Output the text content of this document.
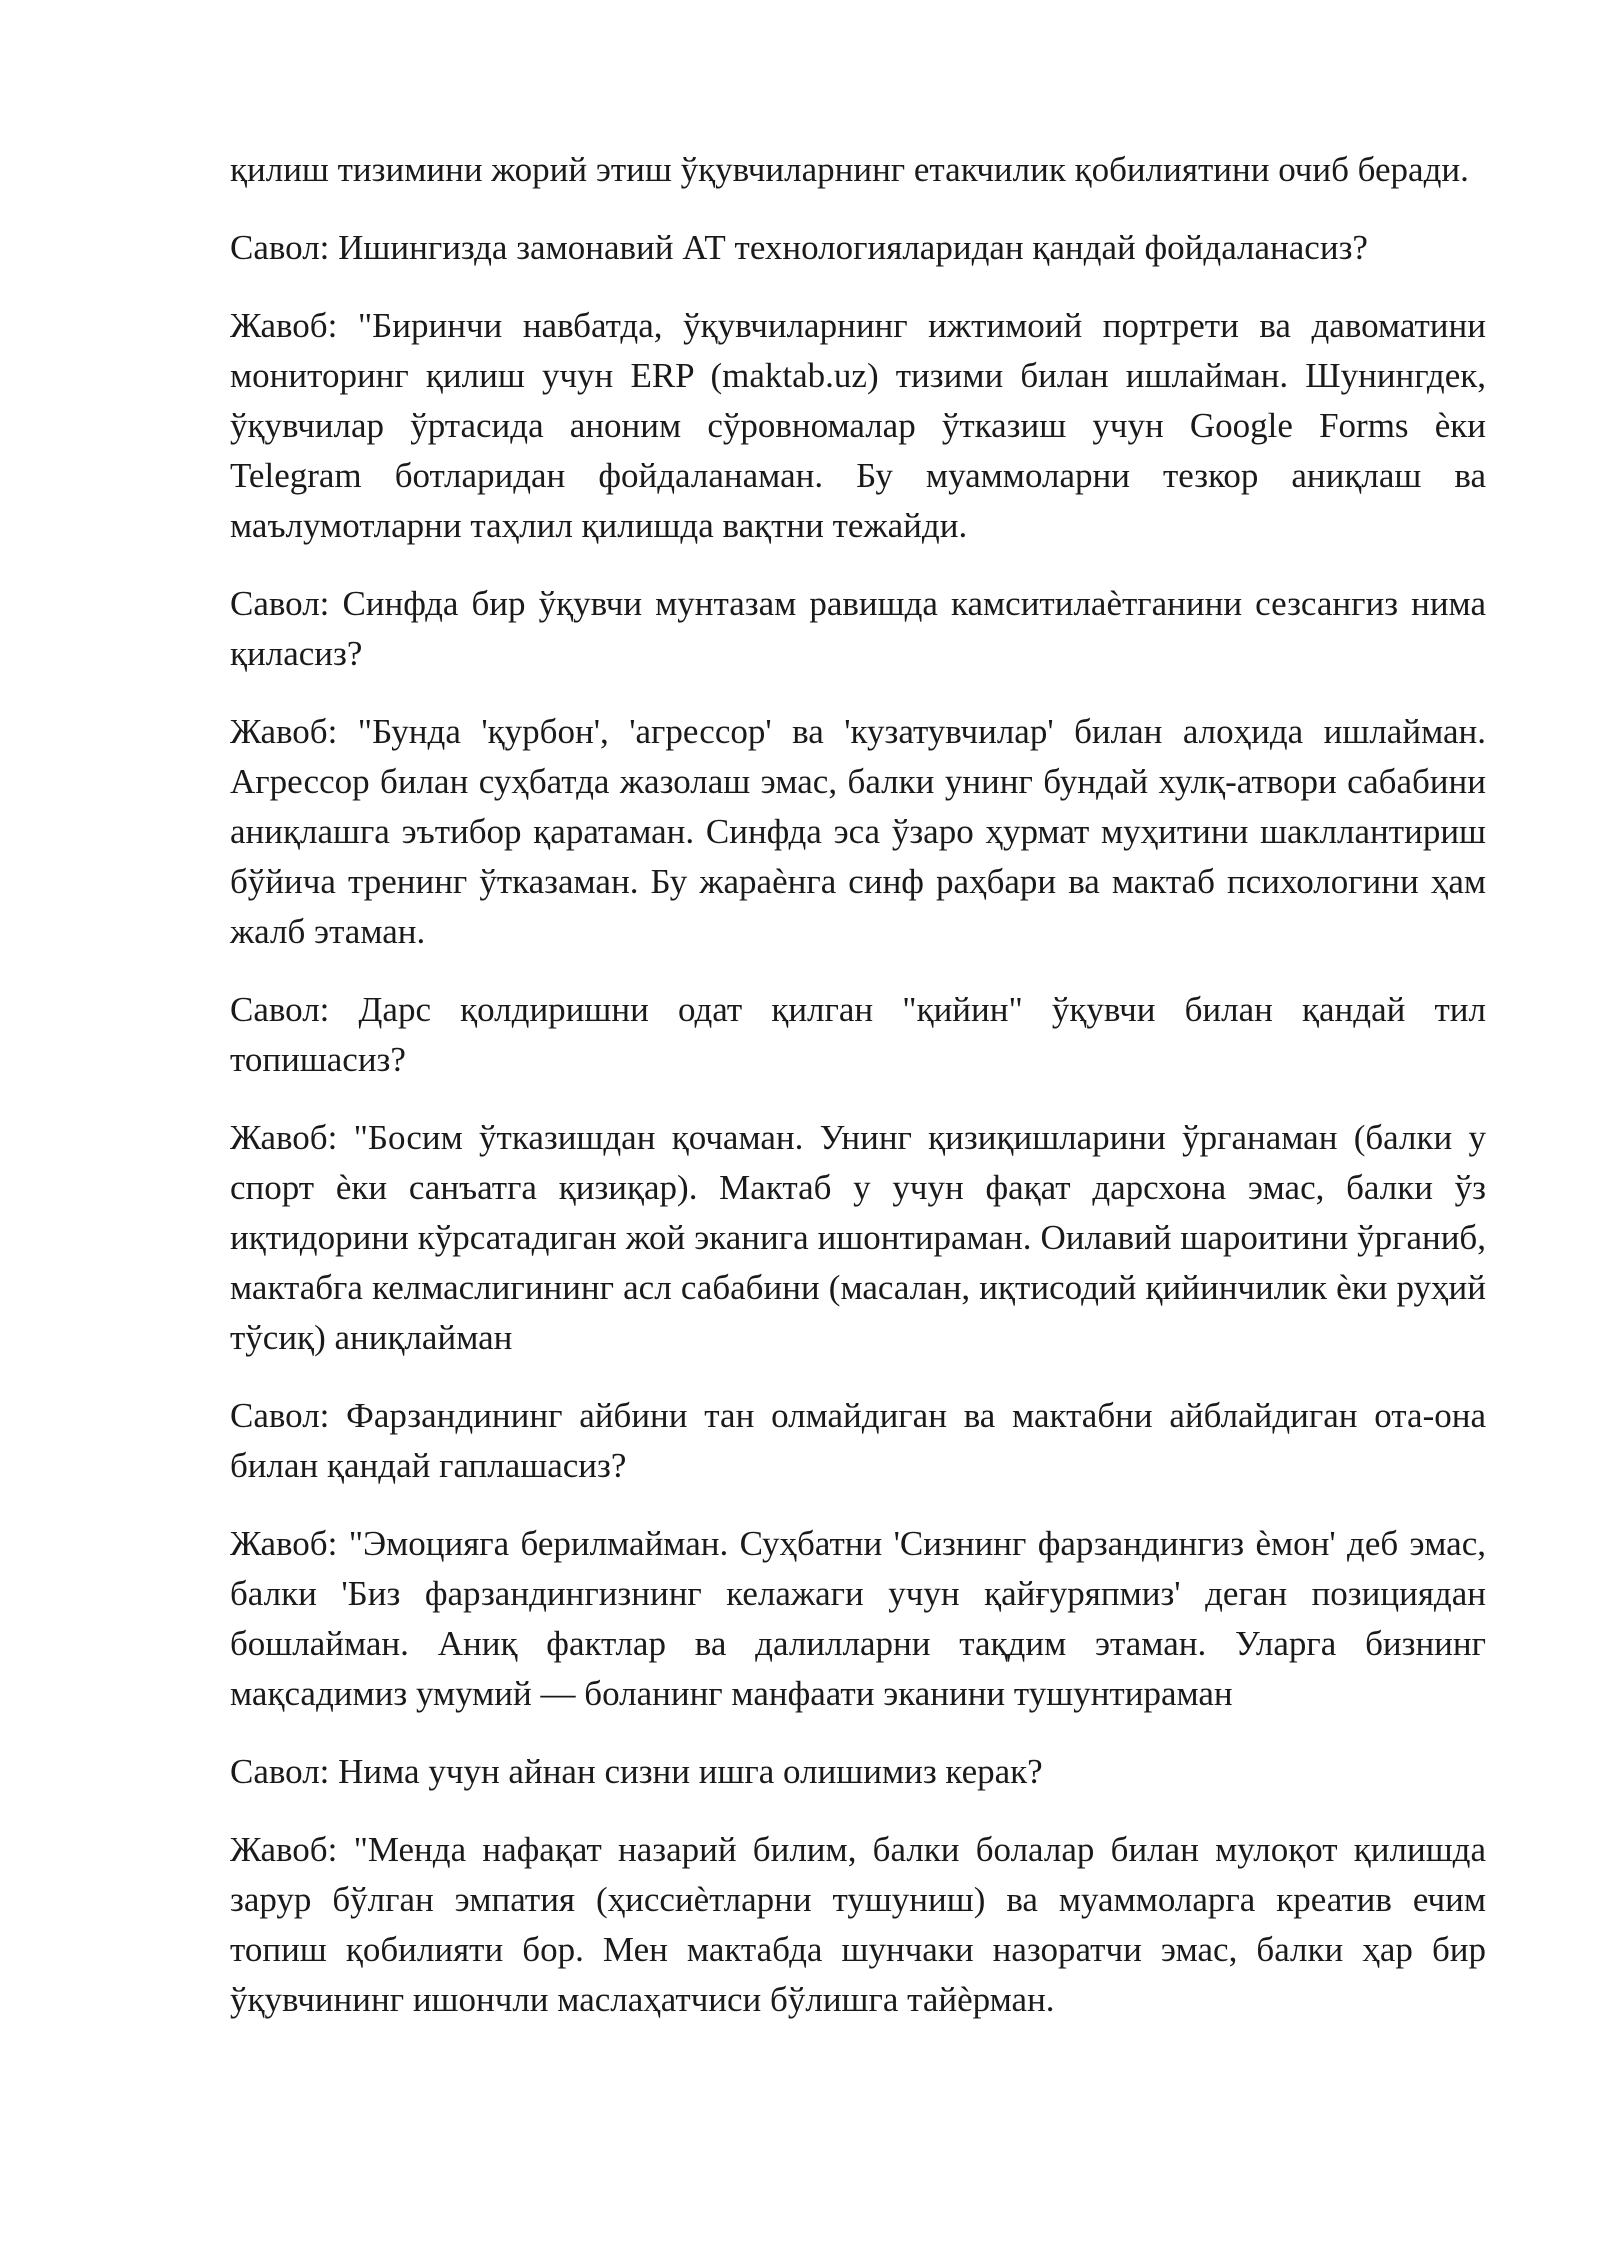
қилиш тизимини жорий этиш ўқувчиларнинг етакчилик қобилиятини очиб беради.

Савол: Ишингизда замонавий АТ технологияларидан қандай фойдаланасиз?

Жавоб: "Биринчи навбатда, ўқувчиларнинг ижтимоий портрети ва давоматини мониторинг қилиш учун ERP (maktab.uz) тизими билан ишлайман. Шунингдек, ўқувчилар ўртасида аноним сўровномалар ўтказиш учун Google Forms ѐки Telegram ботларидан фойдаланаман. Бу муаммоларни тезкор аниқлаш ва маълумотларни таҳлил қилишда вақтни тежайди.

Савол: Синфда бир ўқувчи мунтазам равишда камситилаѐтганини сезсангиз нима қиласиз?

Жавоб: "Бунда 'қурбон', 'агрессор' ва 'кузатувчилар' билан алоҳида ишлайман. Агрессор билан суҳбатда жазолаш эмас, балки унинг бундай хулқ-атвори сабабини аниқлашга эътибор қаратаман. Синфда эса ўзаро ҳурмат муҳитини шакллантириш бўйича тренинг ўтказаман. Бу жараѐнга синф раҳбари ва мактаб психологини ҳам жалб этаман.

Савол: Дарс қолдиришни одат қилган "қийин" ўқувчи билан қандай тил топишасиз?

Жавоб: "Босим ўтказишдан қочаман. Унинг қизиқишларини ўрганаман (балки у спорт ѐки санъатга қизиқар). Мактаб у учун фақат дарсхона эмас, балки ўз иқтидорини кўрсатадиган жой эканига ишонтираман. Оилавий шароитини ўрганиб, мактабга келмаслигининг асл сабабини (масалан, иқтисодий қийинчилик ѐки руҳий тўсиқ) аниқлайман

Савол: Фарзандининг айбини тан олмайдиган ва мактабни айблайдиган ота-она билан қандай гаплашасиз?

Жавоб: "Эмоцияга берилмайман. Суҳбатни 'Сизнинг фарзандингиз ѐмон' деб эмас, балки 'Биз фарзандингизнинг келажаги учун қайғуряпмиз' деган позициядан бошлайман. Аниқ фактлар ва далилларни тақдим этаман. Уларга бизнинг мақсадимиз умумий — боланинг манфаати эканини тушунтираман

Савол: Нима учун айнан сизни ишга олишимиз керак?

Жавоб: "Менда нафақат назарий билим, балки болалар билан мулоқот қилишда зарур бўлган эмпатия (ҳиссиѐтларни тушуниш) ва муаммоларга креатив ечим топиш қобилияти бор. Мен мактабда шунчаки назоратчи эмас, балки ҳар бир ўқувчининг ишончли маслаҳатчиси бўлишга тайѐрман.
